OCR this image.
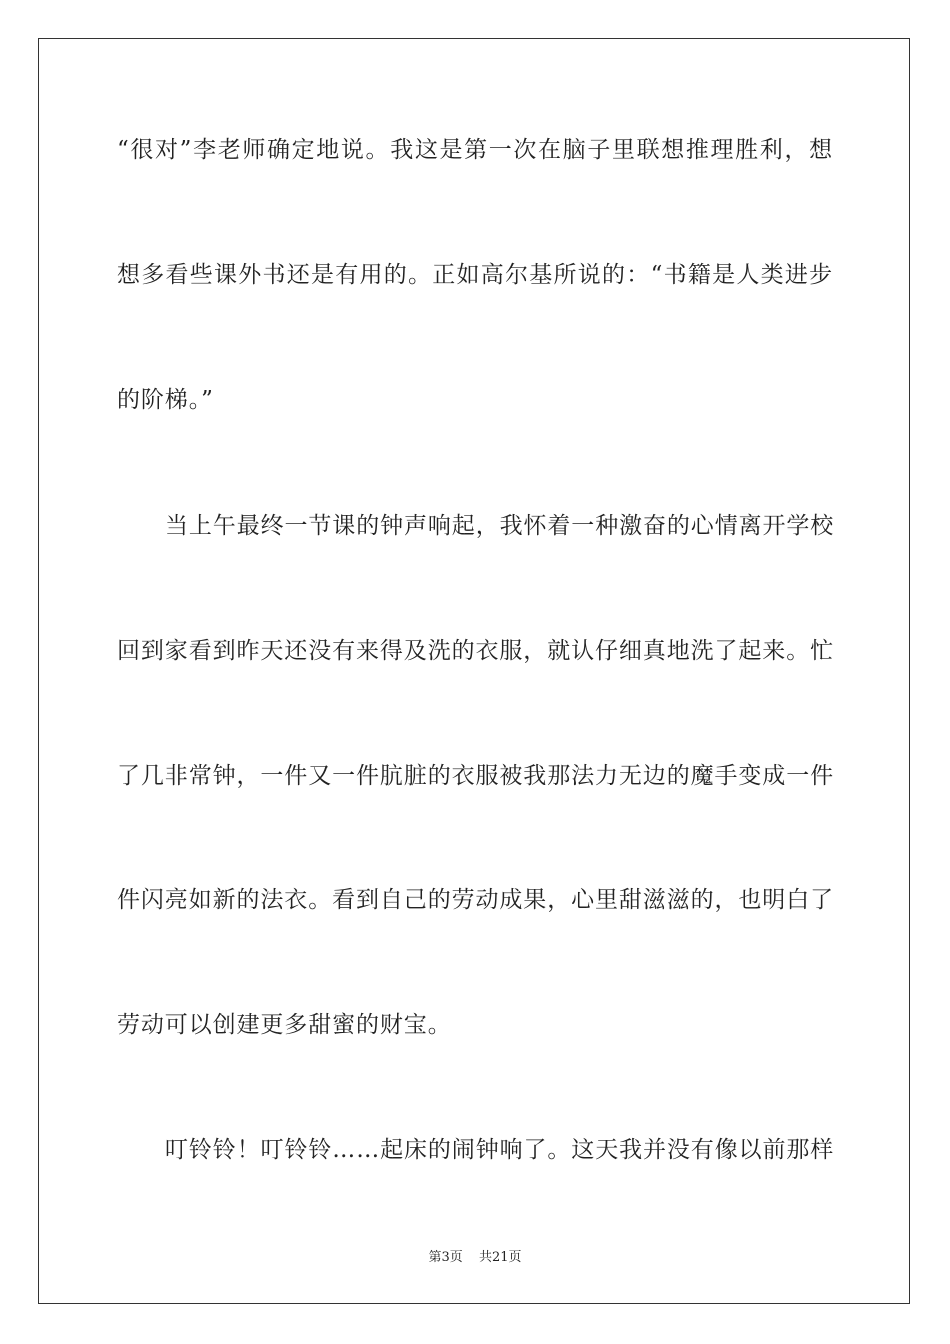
“很对”李老师确定地说。我这是第一次在脑子里联想推理胜利，想
想多看些课外书还是有用的。正如高尔基所说的：“书籍是人类进步
的阶梯。”
当上午最终一节课的钟声响起，我怀着一种激奋的心情离开学校
回到家看到昨天还没有来得及洗的衣服，就认仔细真地洗了起来。忙
了几非常钟，一件又一件肮脏的衣服被我那法力无边的魔手变成一件
件闪亮如新的法衣。看到自己的劳动成果，心里甜滋滋的，也明白了
劳动可以创建更多甜蜜的财宝。
叮铃铃！叮铃铃……起床的闹钟响了。这天我并没有像以前那样
第3页 共21页
